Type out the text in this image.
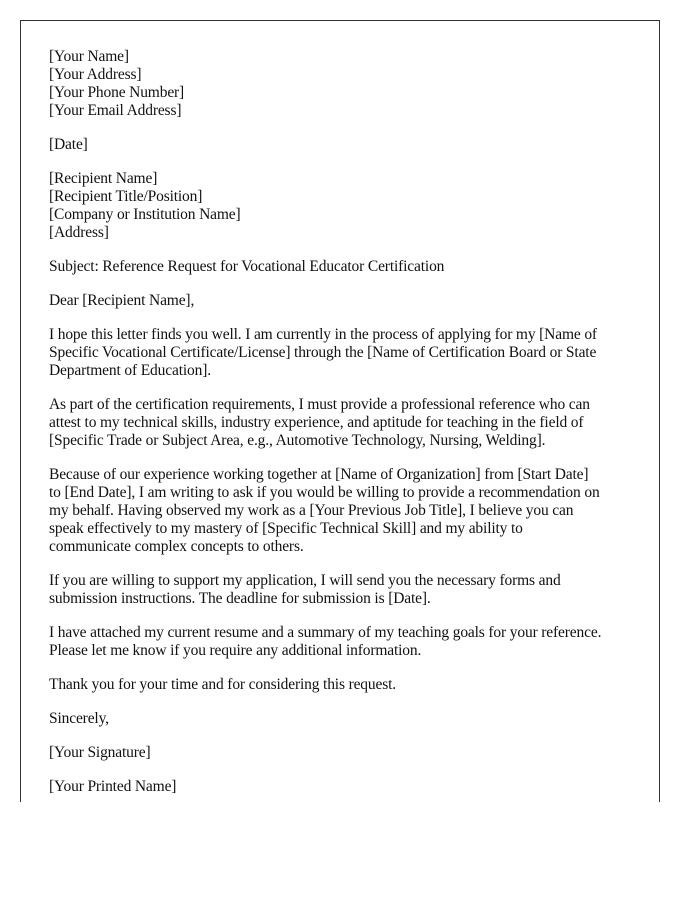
[Your Name]
[Your Address]
[Your Phone Number]
[Your Email Address]
[Date]
[Recipient Name]
[Recipient Title/Position]
[Company or Institution Name]
[Address]

Subject: Reference Request for Vocational Educator Certification

Dear [Recipient Name],

I hope this letter finds you well. I am currently in the process of applying for my [Name of
Specific Vocational Certificate/License] through the [Name of Certification Board or State
Department of Education].

As part of the certification requirements, I must provide a professional reference who can
attest to my technical skills, industry experience, and aptitude for teaching in the field of
[Specific Trade or Subject Area, e.g., Automotive Technology, Nursing, Welding].

Because of our experience working together at [Name of Organization] from [Start Date]
to [End Date], I am writing to ask if you would be willing to provide a recommendation on
my behalf. Having observed my work as a [Your Previous Job Title], I believe you can
speak effectively to my mastery of [Specific Technical Skill] and my ability to
communicate complex concepts to others.

If you are willing to support my application, I will send you the necessary forms and
submission instructions. The deadline for submission is [Date].

I have attached my current resume and a summary of my teaching goals for your reference.
Please let me know if you require any additional information.

Thank you for your time and for considering this request.

Sincerely,

[Your Signature]

[Your Printed Name]
